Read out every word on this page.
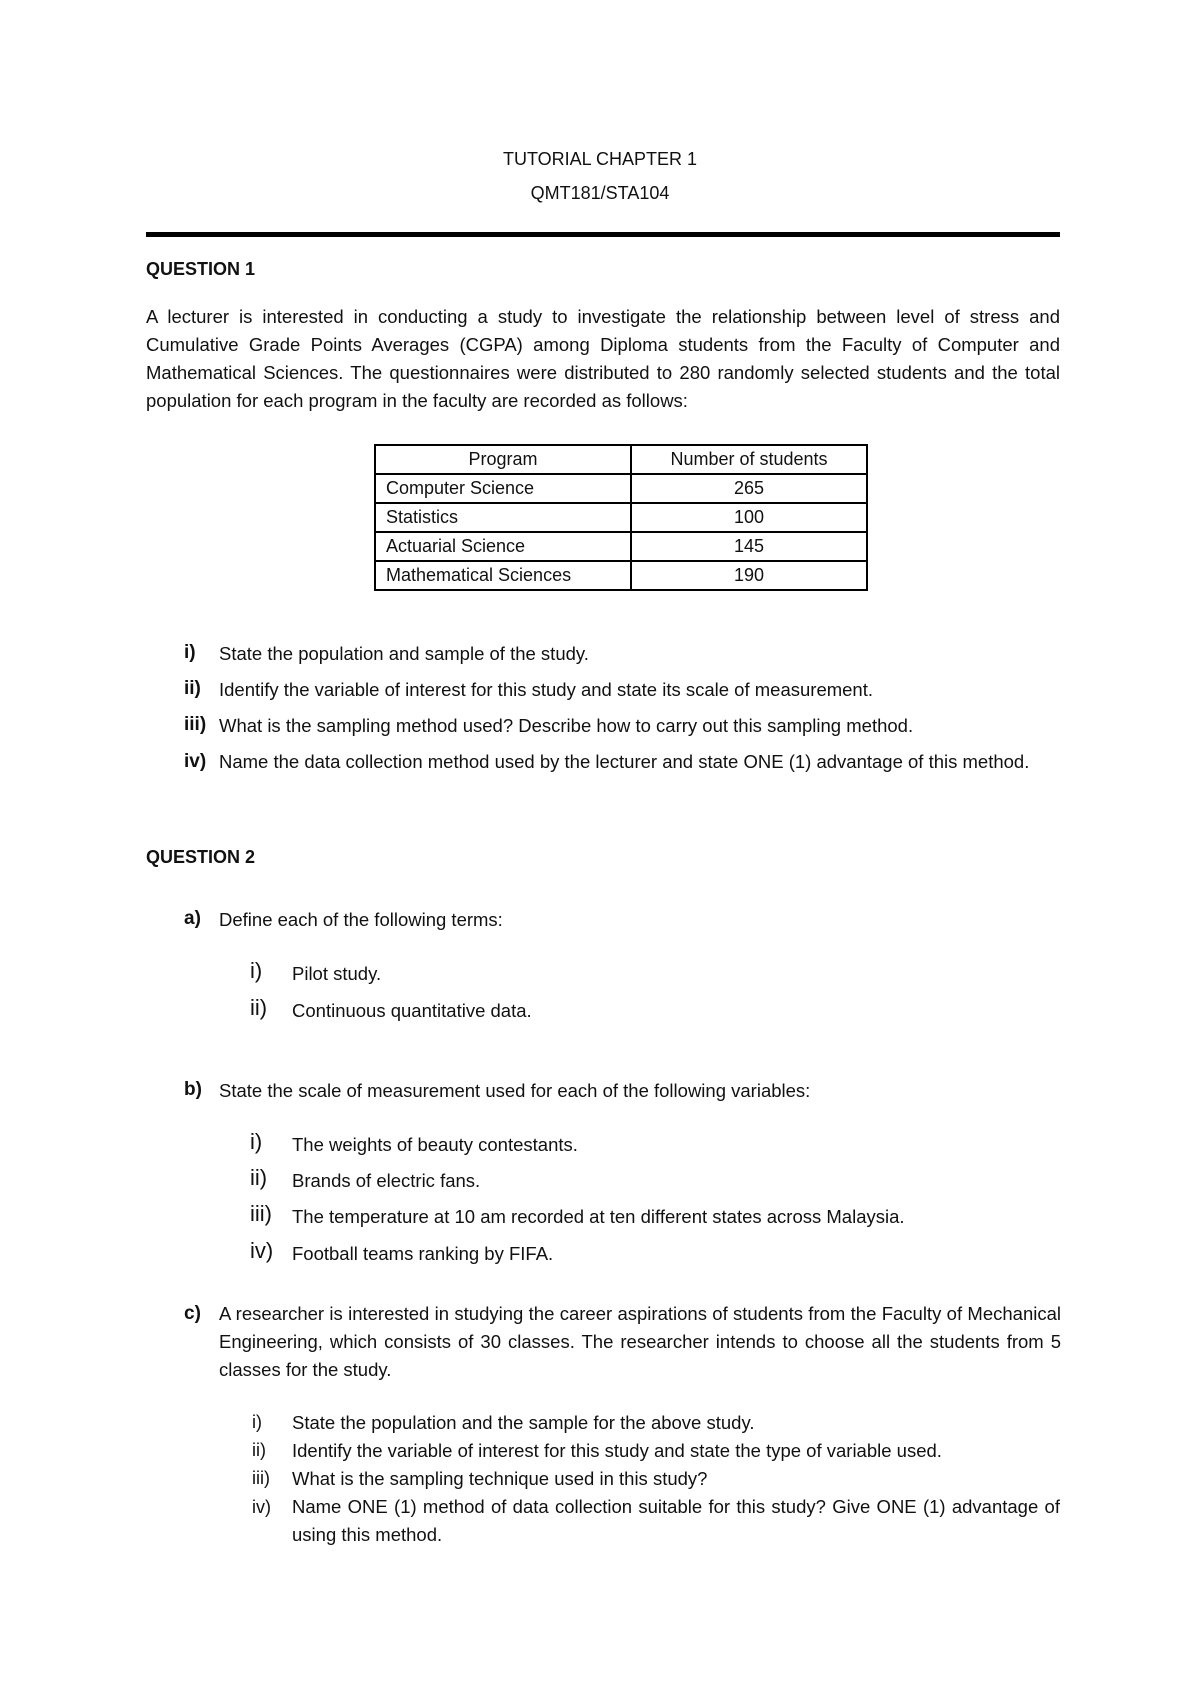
TUTORIAL CHAPTER 1
QMT181/STA104
QUESTION 1
A lecturer is interested in conducting a study to investigate the relationship between level of stress and Cumulative Grade Points Averages (CGPA) among Diploma students from the Faculty of Computer and Mathematical Sciences. The questionnaires were distributed to 280 randomly selected students and the total population for each program in the faculty are recorded as follows:
Program	Number of students
Computer Science	265
Statistics	100
Actuarial Science	145
Mathematical Sciences	190
i) State the population and sample of the study.
ii) Identify the variable of interest for this study and state its scale of measurement.
iii) What is the sampling method used? Describe how to carry out this sampling method.
iv) Name the data collection method used by the lecturer and state ONE (1) advantage of this method.
QUESTION 2
a) Define each of the following terms:
i) Pilot study.
ii) Continuous quantitative data.
b) State the scale of measurement used for each of the following variables:
i) The weights of beauty contestants.
ii) Brands of electric fans.
iii) The temperature at 10 am recorded at ten different states across Malaysia.
iv) Football teams ranking by FIFA.
c) A researcher is interested in studying the career aspirations of students from the Faculty of Mechanical Engineering, which consists of 30 classes. The researcher intends to choose all the students from 5 classes for the study.
i) State the population and the sample for the above study.
ii) Identify the variable of interest for this study and state the type of variable used.
iii) What is the sampling technique used in this study?
iv) Name ONE (1) method of data collection suitable for this study? Give ONE (1) advantage of using this method.
